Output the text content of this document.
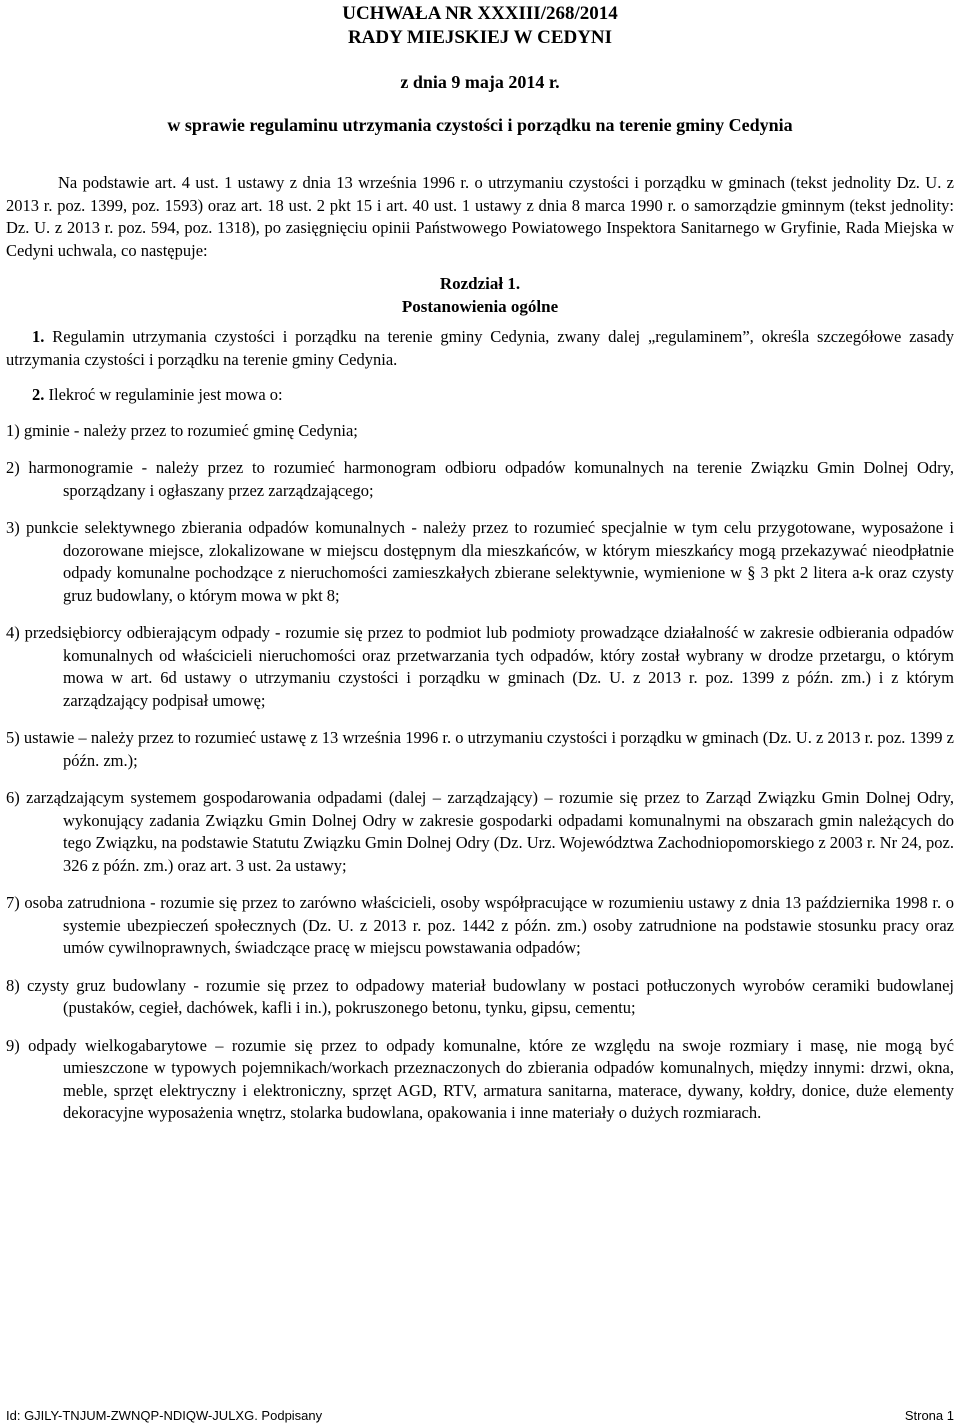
UCHWAŁA NR XXXIII/268/2014
RADY MIEJSKIEJ W CEDYNI
z dnia 9 maja 2014 r.
w sprawie regulaminu utrzymania czystości i porządku na terenie gminy Cedynia

Na podstawie art. 4 ust. 1 ustawy z dnia 13 września 1996 r. o utrzymaniu czystości i porządku w gminach (tekst jednolity Dz. U. z 2013 r. poz. 1399, poz. 1593) oraz art. 18 ust. 2 pkt 15 i art. 40 ust. 1 ustawy z dnia 8 marca 1990 r. o samorządzie gminnym (tekst jednolity: Dz. U. z 2013 r. poz. 594, poz. 1318), po zasięgnięciu opinii Państwowego Powiatowego Inspektora Sanitarnego w Gryfinie, Rada Miejska w Cedyni uchwala, co następuje:

Rozdział 1.
Postanowienia ogólne

1. Regulamin utrzymania czystości i porządku na terenie gminy Cedynia, zwany dalej „regulaminem”, określa szczegółowe zasady utrzymania czystości i porządku na terenie gminy Cedynia.

2. Ilekroć w regulaminie jest mowa o:

1) gminie - należy przez to rozumieć gminę Cedynia;

2) harmonogramie - należy przez to rozumieć harmonogram odbioru odpadów komunalnych na terenie Związku Gmin Dolnej Odry, sporządzany i ogłaszany przez zarządzającego;

3) punkcie selektywnego zbierania odpadów komunalnych - należy przez to rozumieć specjalnie w tym celu przygotowane, wyposażone i dozorowane miejsce, zlokalizowane w miejscu dostępnym dla mieszkańców, w którym mieszkańcy mogą przekazywać nieodpłatnie odpady komunalne pochodzące z nieruchomości zamieszkałych zbierane selektywnie, wymienione w § 3 pkt 2 litera a-k oraz czysty gruz budowlany, o którym mowa w pkt 8;

4) przedsiębiorcy odbierającym odpady - rozumie się przez to podmiot lub podmioty prowadzące działalność w zakresie odbierania odpadów komunalnych od właścicieli nieruchomości oraz przetwarzania tych odpadów, który został wybrany w drodze przetargu, o którym mowa w art. 6d ustawy o utrzymaniu czystości i porządku w gminach (Dz. U. z 2013 r. poz. 1399 z późn. zm.) i z którym zarządzający podpisał umowę;

5) ustawie – należy przez to rozumieć ustawę z 13 września 1996 r. o utrzymaniu czystości i porządku w gminach (Dz. U. z 2013 r. poz. 1399 z późn. zm.);

6) zarządzającym systemem gospodarowania odpadami (dalej – zarządzający) – rozumie się przez to Zarząd Związku Gmin Dolnej Odry, wykonujący zadania Związku Gmin Dolnej Odry w zakresie gospodarki odpadami komunalnymi na obszarach gmin należących do tego Związku, na podstawie Statutu Związku Gmin Dolnej Odry (Dz. Urz. Województwa Zachodniopomorskiego z 2003 r. Nr 24, poz. 326 z późn. zm.) oraz art. 3 ust. 2a ustawy;

7) osoba zatrudniona - rozumie się przez to zarówno właścicieli, osoby współpracujące w rozumieniu ustawy z dnia 13 października 1998 r. o systemie ubezpieczeń społecznych (Dz. U. z 2013 r. poz. 1442 z późn. zm.) osoby zatrudnione na podstawie stosunku pracy oraz umów cywilnoprawnych, świadczące pracę w miejscu powstawania odpadów;

8) czysty gruz budowlany - rozumie się przez to odpadowy materiał budowlany w postaci potłuczonych wyrobów ceramiki budowlanej (pustaków, cegieł, dachówek, kafli i in.), pokruszonego betonu, tynku, gipsu, cementu;

9) odpady wielkogabarytowe – rozumie się przez to odpady komunalne, które ze względu na swoje rozmiary i masę, nie mogą być umieszczone w typowych pojemnikach/workach przeznaczonych do zbierania odpadów komunalnych, między innymi: drzwi, okna, meble, sprzęt elektryczny i elektroniczny, sprzęt AGD, RTV, armatura sanitarna, materace, dywany, kołdry, donice, duże elementy dekoracyjne wyposażenia wnętrz, stolarka budowlana, opakowania i inne materiały o dużych rozmiarach.

Id: GJILY-TNJUM-ZWNQP-NDIQW-JULXG. Podpisany	Strona 1
